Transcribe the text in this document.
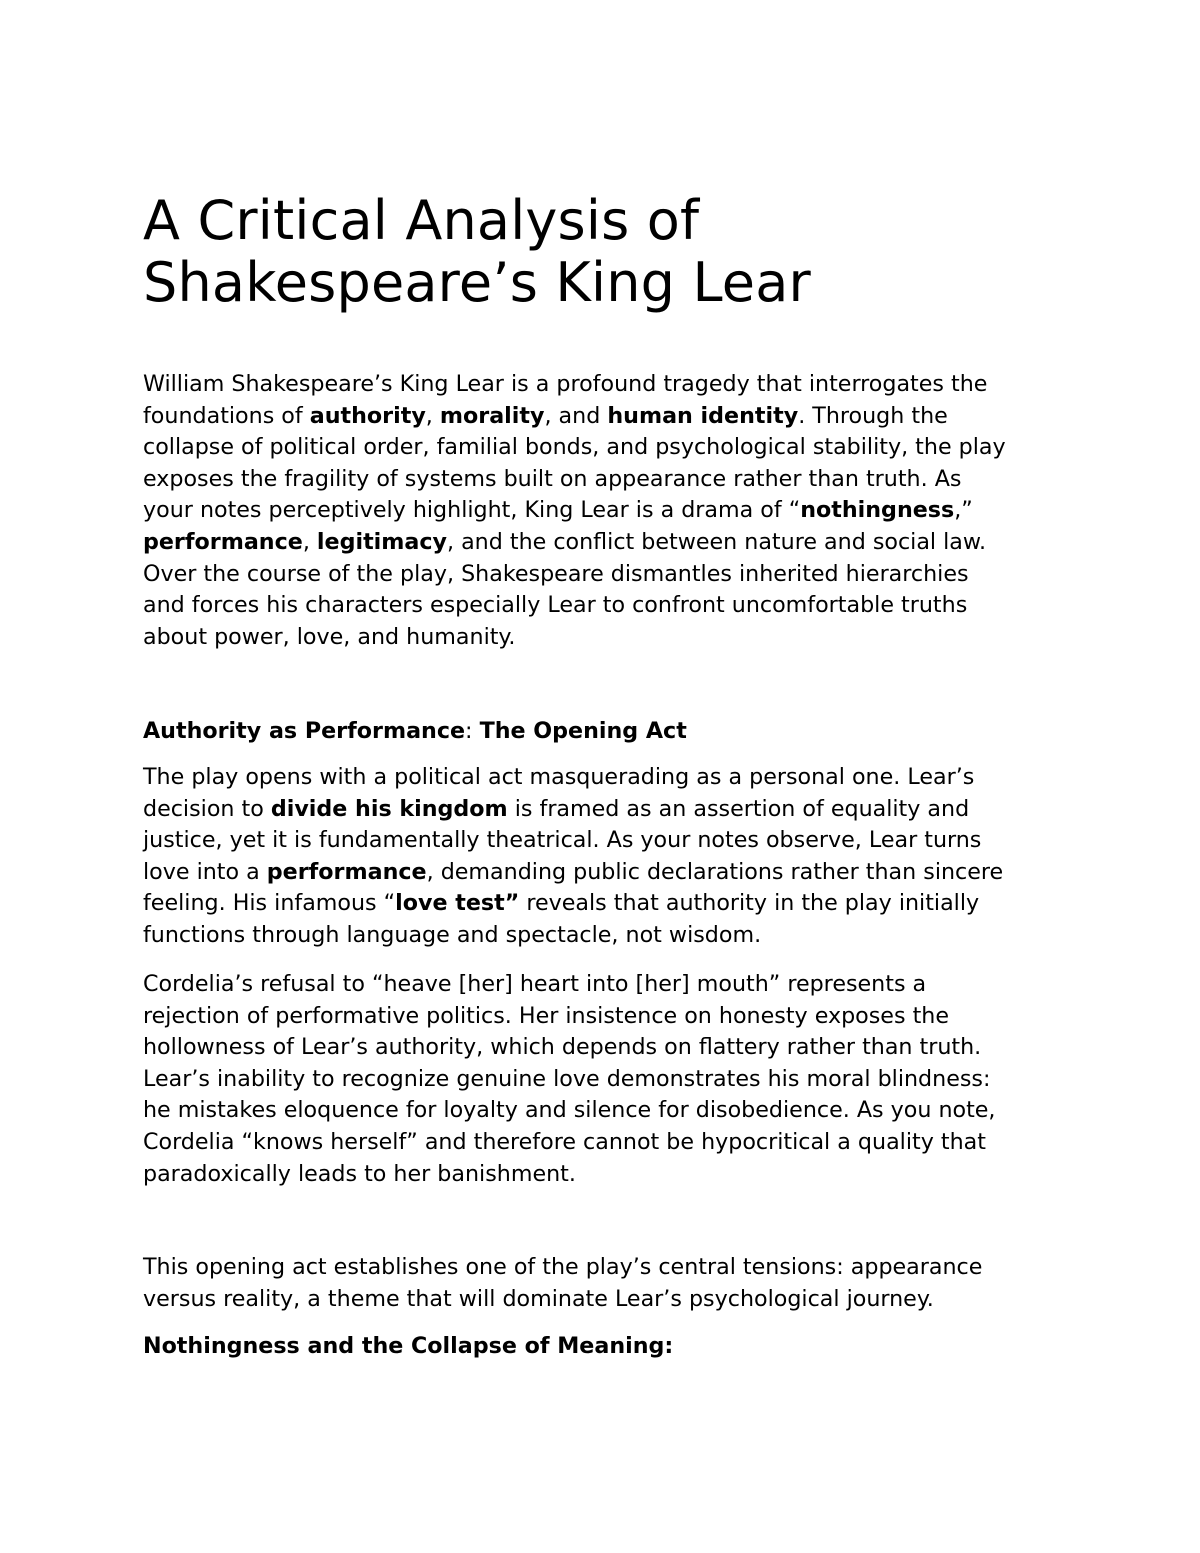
A Critical Analysis of
Shakespeare’s King Lear

William Shakespeare’s King Lear is a profound tragedy that interrogates the
foundations of authority, morality, and human identity. Through the
collapse of political order, familial bonds, and psychological stability, the play
exposes the fragility of systems built on appearance rather than truth. As
your notes perceptively highlight, King Lear is a drama of “nothingness,”
performance, legitimacy, and the conflict between nature and social law.
Over the course of the play, Shakespeare dismantles inherited hierarchies
and forces his characters especially Lear to confront uncomfortable truths
about power, love, and humanity.

Authority as Performance: The Opening Act

The play opens with a political act masquerading as a personal one. Lear’s
decision to divide his kingdom is framed as an assertion of equality and
justice, yet it is fundamentally theatrical. As your notes observe, Lear turns
love into a performance, demanding public declarations rather than sincere
feeling. His infamous “love test” reveals that authority in the play initially
functions through language and spectacle, not wisdom.

Cordelia’s refusal to “heave [her] heart into [her] mouth” represents a
rejection of performative politics. Her insistence on honesty exposes the
hollowness of Lear’s authority, which depends on flattery rather than truth.
Lear’s inability to recognize genuine love demonstrates his moral blindness:
he mistakes eloquence for loyalty and silence for disobedience. As you note,
Cordelia “knows herself” and therefore cannot be hypocritical a quality that
paradoxically leads to her banishment.

This opening act establishes one of the play’s central tensions: appearance
versus reality, a theme that will dominate Lear’s psychological journey.

Nothingness and the Collapse of Meaning:
